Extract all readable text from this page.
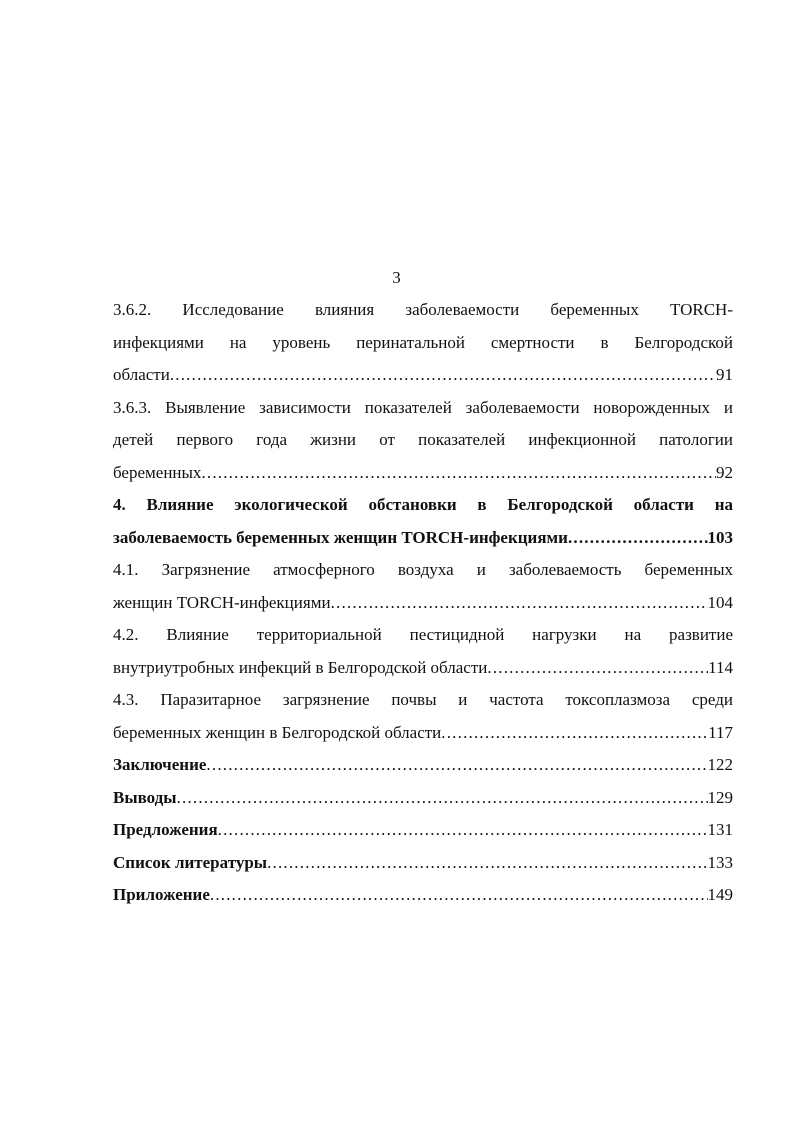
3
3.6.2. Исследование влияния заболеваемости беременных TORCH-
инфекциями на уровень перинатальной смертности в Белгородской
области .....	91
3.6.3. Выявление зависимости показателей заболеваемости новорожденных и
детей первого года жизни от показателей инфекционной патологии
беременных .....	92
4. Влияние экологической обстановки в Белгородской области на
заболеваемость беременных женщин TORCH-инфекциями .....	103
4.1. Загрязнение атмосферного воздуха и заболеваемость беременных
женщин TORCH-инфекциями .....	104
4.2. Влияние территориальной пестицидной нагрузки на развитие
внутриутробных инфекций в Белгородской области .....	114
4.3. Паразитарное загрязнение почвы и частота токсоплазмоза среди
беременных женщин в Белгородской области .....	117
Заключение .....	122
Выводы .....	129
Предложения .....	131
Список литературы .....	133
Приложение .....	149
